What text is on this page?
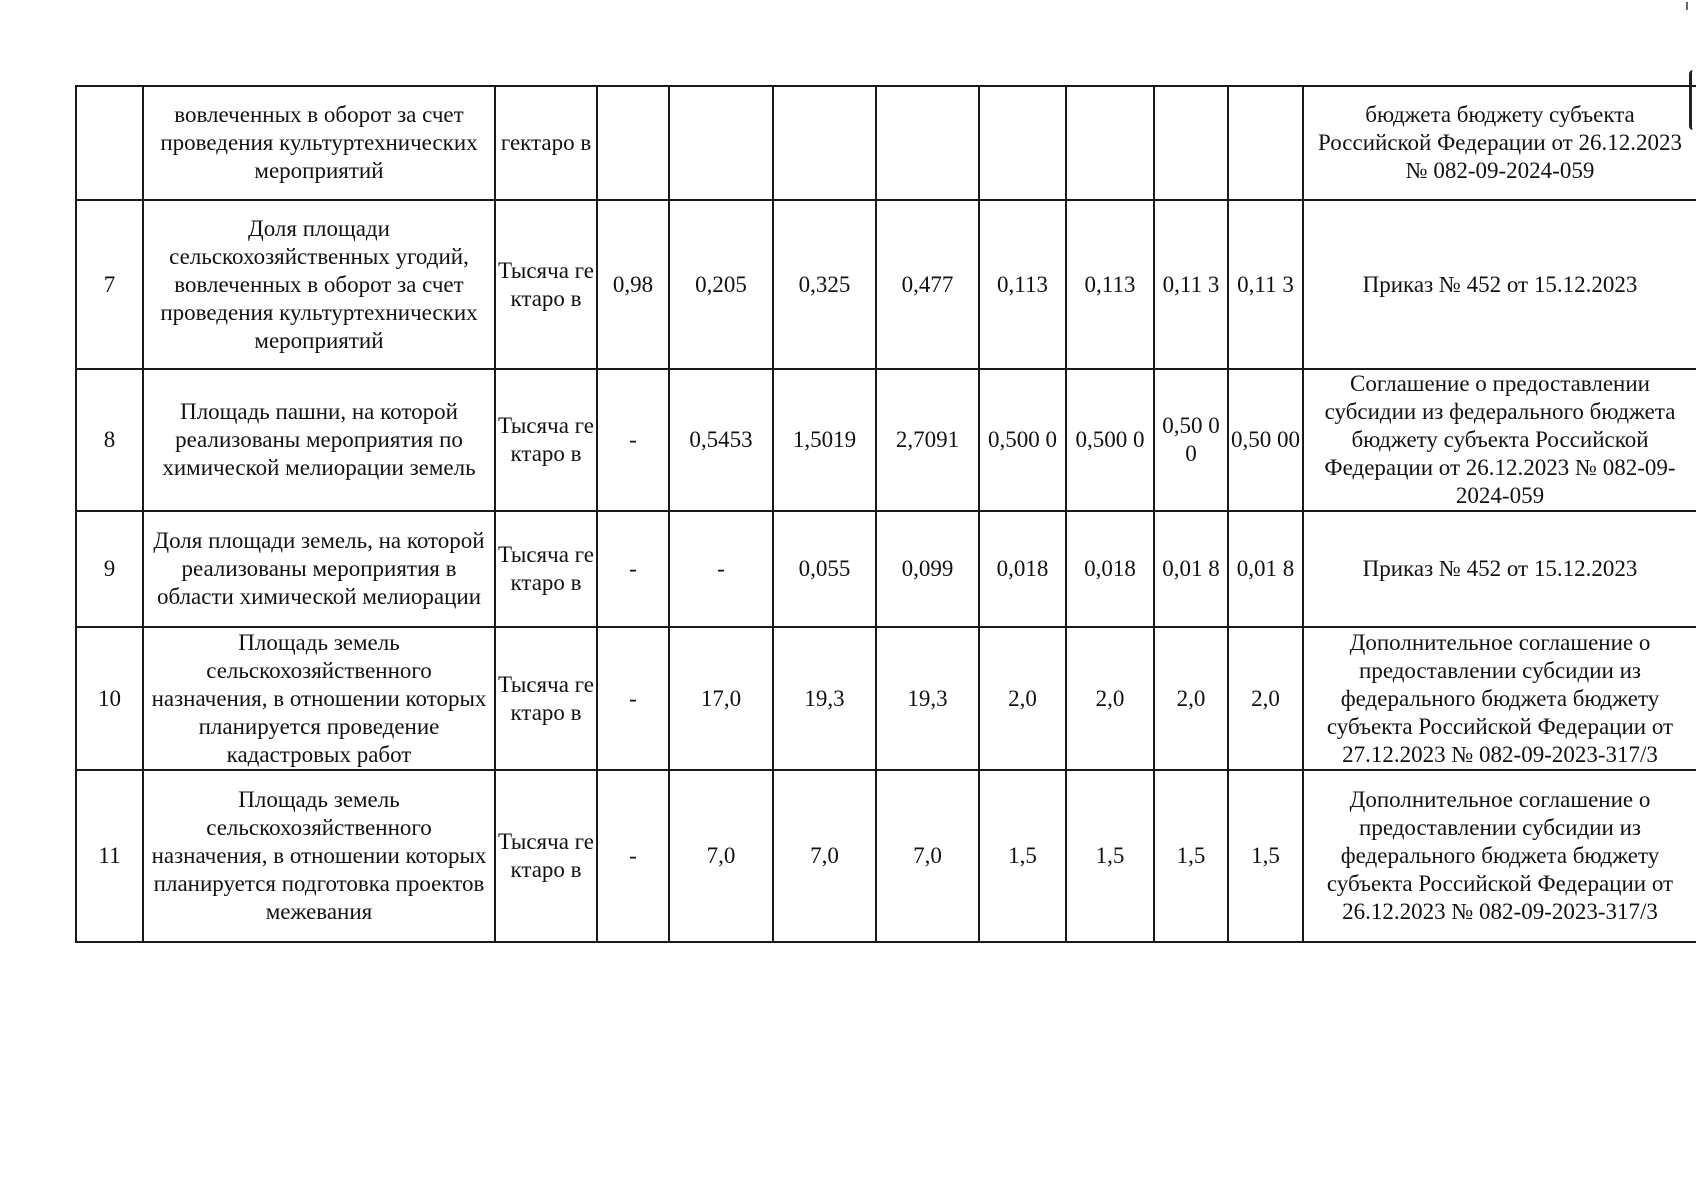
	вовлеченных в оборот за счет проведения культуртехнических мероприятий	гектаро в									бюджета бюджету субъекта Российской Федерации от 26.12.2023 № 082-09-2024-059
7	Доля площади сельскохозяйственных угодий, вовлеченных в оборот за счет проведения культуртехнических мероприятий	Тысяча гектаро в	0,98	0,205	0,325	0,477	0,113	0,113	0,11 3	0,11 3	Приказ № 452 от 15.12.2023
8	Площадь пашни, на которой реализованы мероприятия по химической мелиорации земель	Тысяча гектаро в	-	0,5453	1,5019	2,7091	0,500 0	0,500 0	0,50 00	0,50 00	Соглашение о предоставлении субсидии из федерального бюджета бюджету субъекта Российской Федерации от 26.12.2023 № 082-09-2024-059
9	Доля площади земель, на которой реализованы мероприятия в области химической мелиорации	Тысяча гектаро в	-	-	0,055	0,099	0,018	0,018	0,01 8	0,01 8	Приказ № 452 от 15.12.2023
10	Площадь земель сельскохозяйственного назначения, в отношении которых планируется проведение кадастровых работ	Тысяча гектаро в	-	17,0	19,3	19,3	2,0	2,0	2,0	2,0	Дополнительное соглашение о предоставлении субсидии из федерального бюджета бюджету субъекта Российской Федерации от 27.12.2023 № 082-09-2023-317/3
11	Площадь земель сельскохозяйственного назначения, в отношении которых планируется подготовка проектов межевания	Тысяча гектаро в	-	7,0	7,0	7,0	1,5	1,5	1,5	1,5	Дополнительное соглашение о предоставлении субсидии из федерального бюджета бюджету субъекта Российской Федерации от 26.12.2023 № 082-09-2023-317/3
